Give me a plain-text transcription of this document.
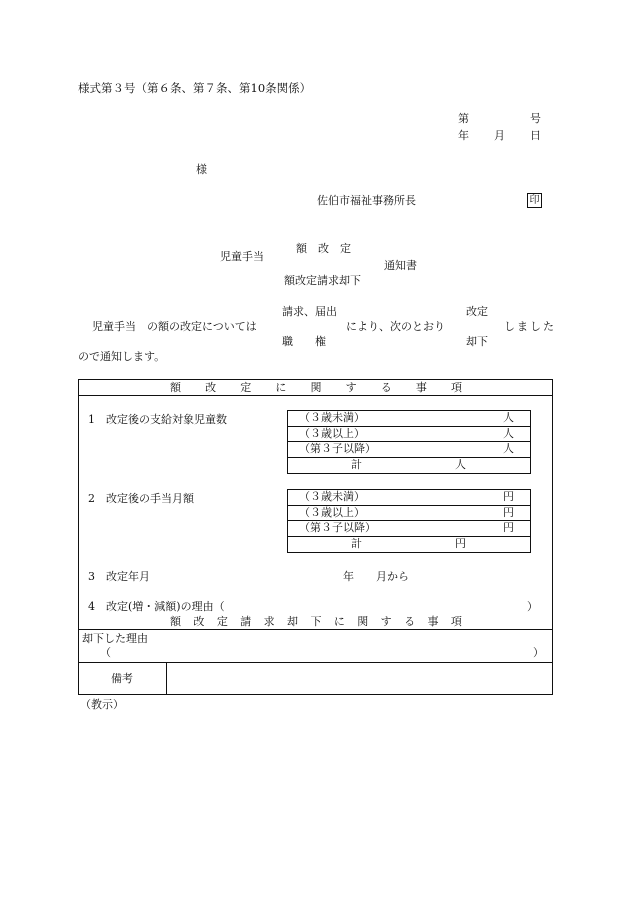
様式第３号（第６条、第７条、第10条関係）
第	号
年 月 日
様
佐伯市福祉事務所長	印
額　改　定
児童手当
通知書
額改定請求却下
請求、届出	改定
児童手当　の額の改定については	により、次のとおり	しました
職　　権	却下
ので通知します。
額 改 定 に 関 す る 事 項
1　改定後の支給対象児童数	（３歳未満）	人
（３歳以上）	人
（第３子以降）	人
計	人
2　改定後の手当月額	（３歳未満）	円
（３歳以上）	円
（第３子以降）	円
計	円
3　改定年月	年 月から
4　改定(増・減額)の理由（	）
額 改 定 請 求 却 下 に 関 す る 事 項
却下した理由
（	）
備考
（教示）
